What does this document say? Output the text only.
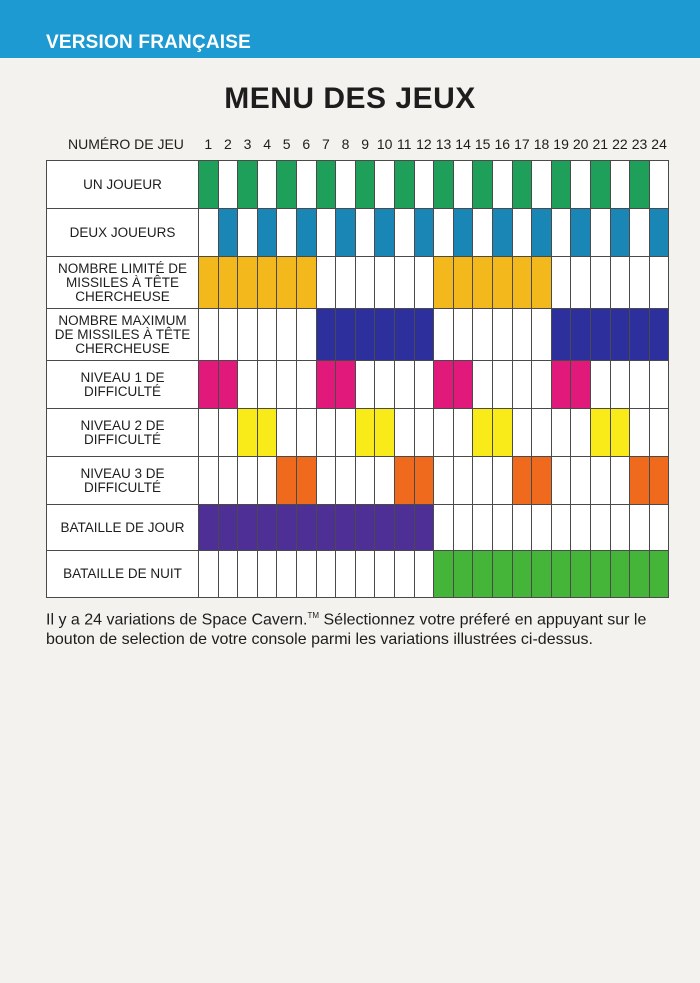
VERSION FRANÇAISE
MENU DES JEUX
NUMÉRO DE JEU	1 2 3 4 5 6 7 8 9 10 11 12 13 14 15 16 17 18 19 20 21 22 23 24
UN JOUEUR
DEUX JOUEURS
NOMBRE LIMITÉ DE
MISSILES À TÊTE
CHERCHEUSE
NOMBRE MAXIMUM
DE MISSILES À TÊTE
CHERCHEUSE
NIVEAU 1 DE
DIFFICULTÉ
NIVEAU 2 DE
DIFFICULTÉ
NIVEAU 3 DE
DIFFICULTÉ
BATAILLE DE JOUR
BATAILLE DE NUIT
Il y a 24 variations de Space Cavern.™ Sélectionnez votre préferé en appuyant sur le bouton de selection de votre console parmi les variations illustrées ci-dessus.
